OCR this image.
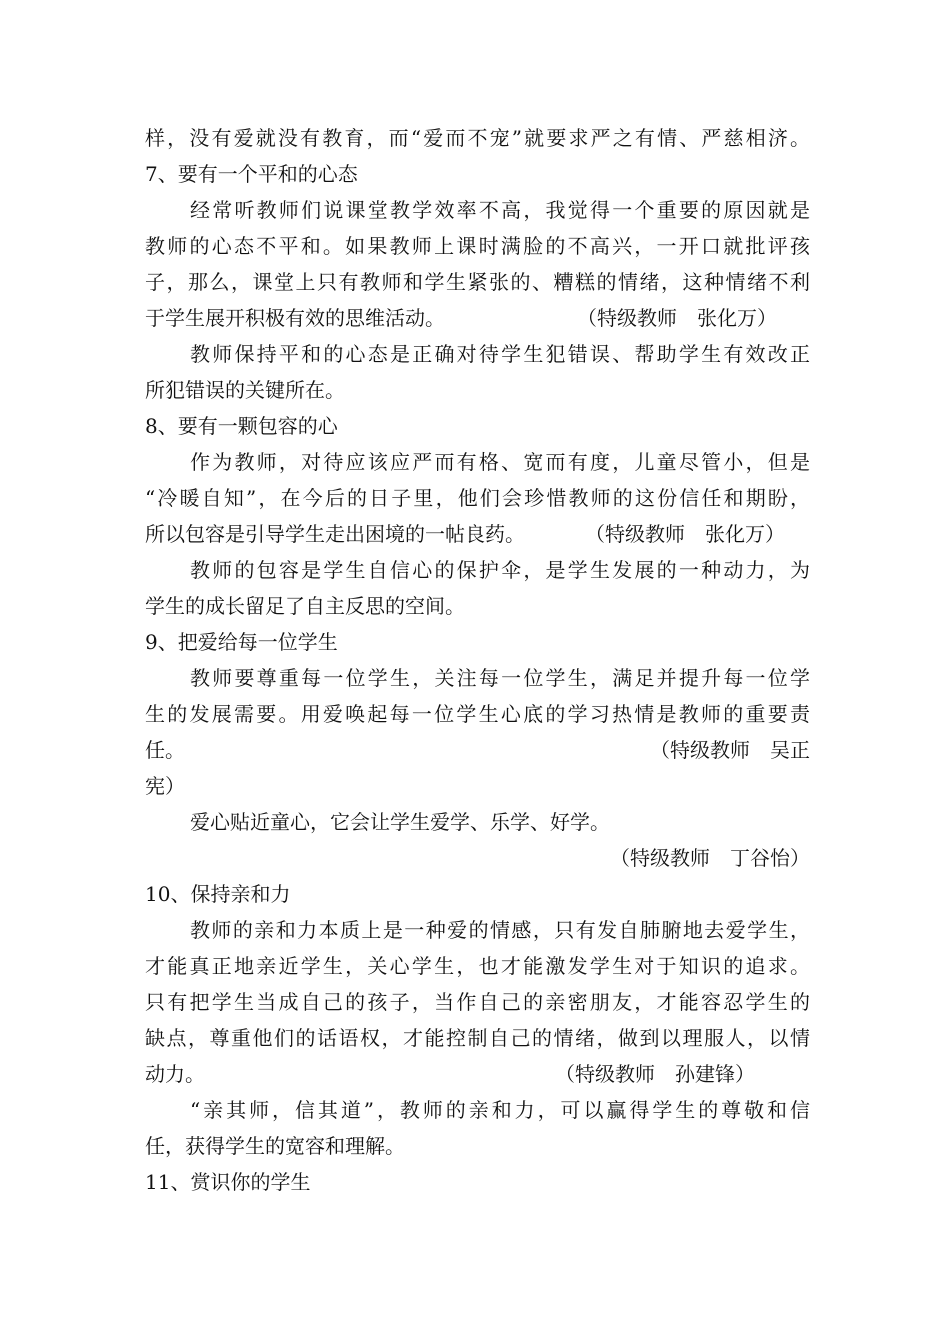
样，没有爱就没有教育，而“爱而不宠”就要求严之有情、严慈相济。
7、要有一个平和的心态
经常听教师们说课堂教学效率不高，我觉得一个重要的原因就是
教师的心态不平和。如果教师上课时满脸的不高兴，一开口就批评孩
子，那么，课堂上只有教师和学生紧张的、糟糕的情绪，这种情绪不利
于学生展开积极有效的思维活动。	（特级教师　张化万）
教师保持平和的心态是正确对待学生犯错误、帮助学生有效改正
所犯错误的关键所在。
8、要有一颗包容的心
作为教师，对待应该应严而有格、宽而有度，儿童尽管小，但是
“冷暖自知”，在今后的日子里，他们会珍惜教师的这份信任和期盼，
所以包容是引导学生走出困境的一帖良药。	（特级教师　张化万）
教师的包容是学生自信心的保护伞，是学生发展的一种动力，为
学生的成长留足了自主反思的空间。
9、把爱给每一位学生
教师要尊重每一位学生，关注每一位学生，满足并提升每一位学
生的发展需要。用爱唤起每一位学生心底的学习热情是教师的重要责
任。	（特级教师　吴正
宪）
爱心贴近童心，它会让学生爱学、乐学、好学。
（特级教师　丁谷怡）
10、保持亲和力
教师的亲和力本质上是一种爱的情感，只有发自肺腑地去爱学生，
才能真正地亲近学生，关心学生，也才能激发学生对于知识的追求。
只有把学生当成自己的孩子，当作自己的亲密朋友，才能容忍学生的
缺点，尊重他们的话语权，才能控制自己的情绪，做到以理服人，以情
动力。	（特级教师　孙建锋）
“亲其师，信其道”，教师的亲和力，可以赢得学生的尊敬和信
任，获得学生的宽容和理解。
11、赏识你的学生
